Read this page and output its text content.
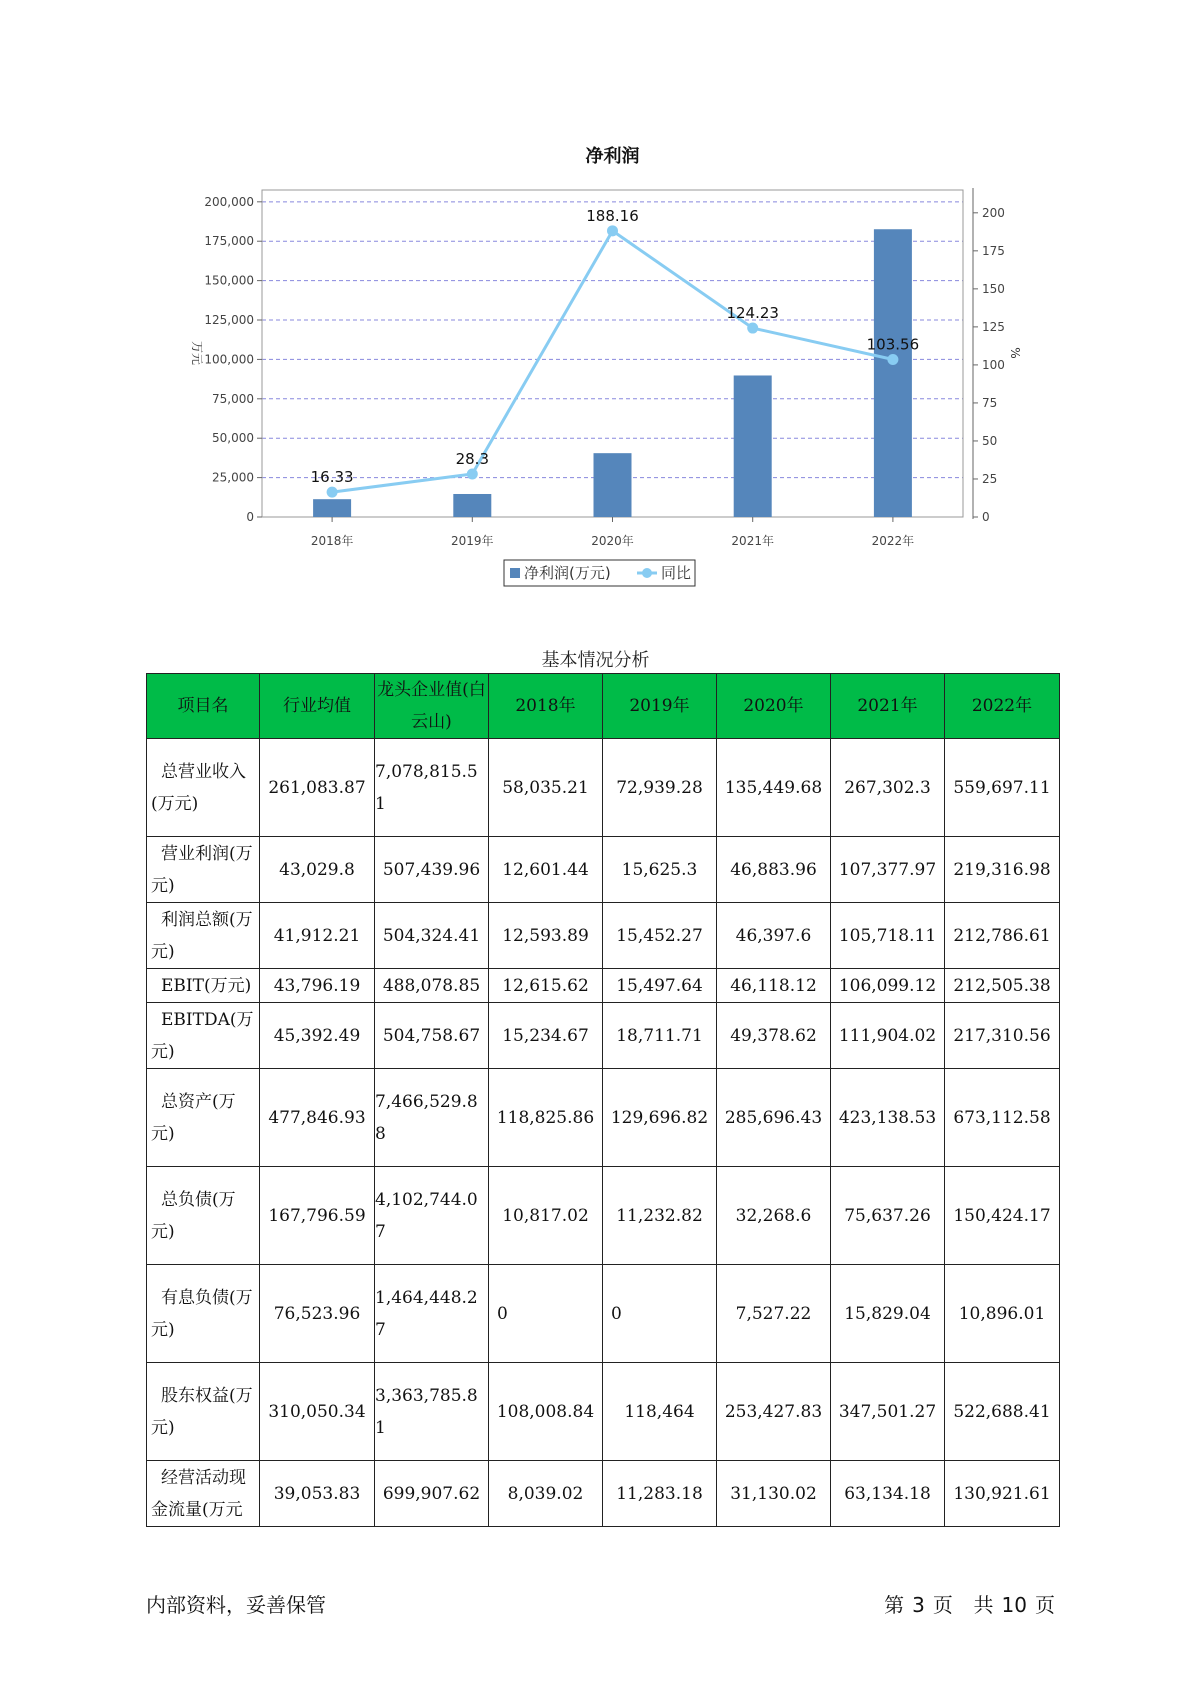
净利润
0
25,000
50,000
75,000
100,000
125,000
150,000
175,000
200,000
0
25
50
75
100
125
150
175
200
万元	%
2018年	2019年	2020年	2021年	2022年
16.33
28.3
188.16
124.23
103.56
净利润(万元)	同比
基本情况分析
项目名	行业均值	龙头企业值(白云山)	2018年	2019年	2020年	2021年	2022年
总营业收入(万元)	261,083.87	7,078,815.51	58,035.21	72,939.28	135,449.68	267,302.3	559,697.11
营业利润(万元)	43,029.8	507,439.96	12,601.44	15,625.3	46,883.96	107,377.97	219,316.98
利润总额(万元)	41,912.21	504,324.41	12,593.89	15,452.27	46,397.6	105,718.11	212,786.61
EBIT(万元)	43,796.19	488,078.85	12,615.62	15,497.64	46,118.12	106,099.12	212,505.38
EBITDA(万元)	45,392.49	504,758.67	15,234.67	18,711.71	49,378.62	111,904.02	217,310.56
总资产(万元)	477,846.93	7,466,529.88	118,825.86	129,696.82	285,696.43	423,138.53	673,112.58
总负债(万元)	167,796.59	4,102,744.07	10,817.02	11,232.82	32,268.6	75,637.26	150,424.17
有息负债(万元)	76,523.96	1,464,448.27	0	0	7,527.22	15,829.04	10,896.01
股东权益(万元)	310,050.34	3,363,785.81	108,008.84	118,464	253,427.83	347,501.27	522,688.41
经营活动现金流量(万元	39,053.83	699,907.62	8,039.02	11,283.18	31,130.02	63,134.18	130,921.61
内部资料，妥善保管	第 3 页 共 10 页
